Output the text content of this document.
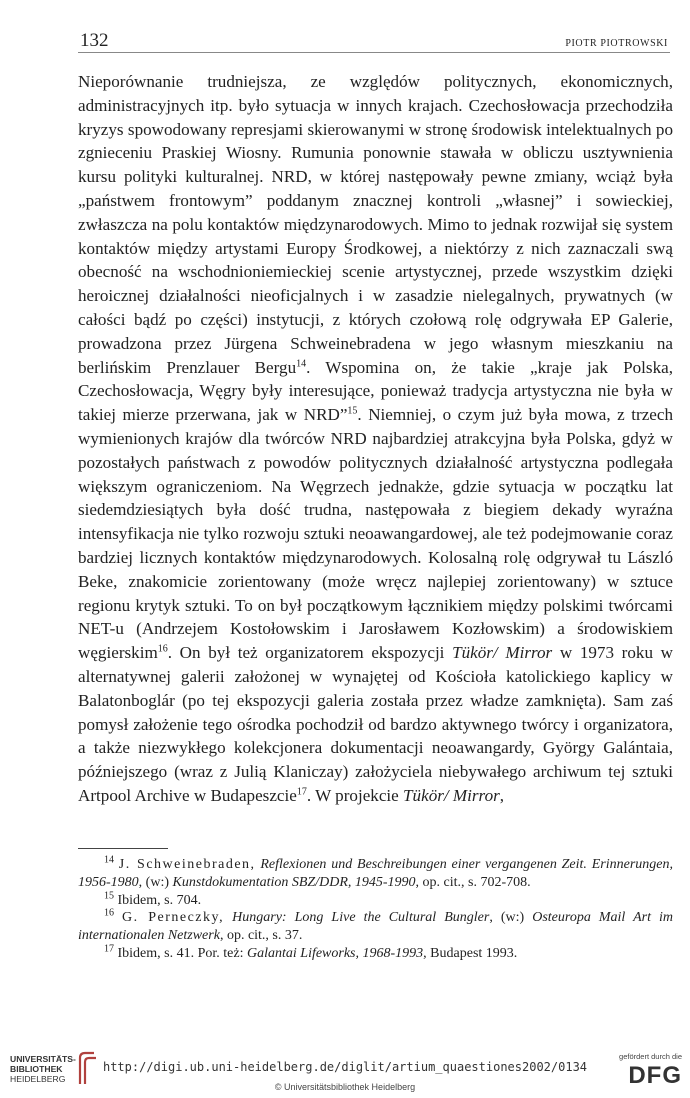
132	PIOTR PIOTROWSKI

Nieporównanie trudniejsza, ze względów politycznych, ekonomicznych, administracyjnych itp. było sytuacja w innych krajach. Czechosłowacja przechodziła kryzys spowodowany represjami skierowanymi w stronę środowisk intelektualnych po zgnieceniu Praskiej Wiosny. Rumunia ponownie stawała w obliczu usztywnienia kursu polityki kulturalnej. NRD, w której następowały pewne zmiany, wciąż była „państwem frontowym” poddanym znacznej kontroli „własnej” i sowieckiej, zwłaszcza na polu kontaktów międzynarodowych. Mimo to jednak rozwijał się system kontaktów między artystami Europy Środkowej, a niektórzy z nich zaznaczali swą obecność na wschodnioniemieckiej scenie artystycznej, przede wszystkim dzięki heroicznej działalności nieoficjalnych i w zasadzie nielegalnych, prywatnych (w całości bądź po części) instytucji, z których czołową rolę odgrywała EP Galerie, prowadzona przez Jürgena Schweinebradena w jego własnym mieszkaniu na berlińskim Prenzlauer Bergu$^{14}$. Wspomina on, że takie „kraje jak Polska, Czechosłowacja, Węgry były interesujące, ponieważ tradycja artystyczna nie była w takiej mierze przerwana, jak w NRD”$^{15}$. Niemniej, o czym już była mowa, z trzech wymienionych krajów dla twórców NRD najbardziej atrakcyjna była Polska, gdyż w pozostałych państwach z powodów politycznych działalność artystyczna podlegała większym ograniczeniom. Na Węgrzech jednakże, gdzie sytuacja w początku lat siedemdziesiątych była dość trudna, następowała z biegiem dekady wyraźna intensyfikacja nie tylko rozwoju sztuki neoawangardowej, ale też podejmowanie coraz bardziej licznych kontaktów międzynarodowych. Kolosalną rolę odgrywał tu László Beke, znakomicie zorientowany (może wręcz najlepiej zorientowany) w sztuce regionu krytyk sztuki. To on był początkowym łącznikiem między polskimi twórcami NET-u (Andrzejem Kostołowskim i Jarosławem Kozłowskim) a środowiskiem węgierskim$^{16}$. On był też organizatorem ekspozycji Tükör/ Mirror w 1973 roku w alternatywnej galerii założonej w wynajętej od Kościoła katolickiego kaplicy w Balatonboglár (po tej ekspozycji galeria została przez władze zamknięta). Sam zaś pomysł założenie tego ośrodka pochodził od bardzo aktywnego twórcy i organizatora, a także niezwykłego kolekcjonera dokumentacji neoawangardy, György Galántaia, późniejszego (wraz z Julią Klaniczay) założyciela niebywałego archiwum tej sztuki Artpool Archive w Budapeszcie$^{17}$. W projekcie Tükör/ Mirror,

$^{14}$ J. Schweinebraden, Reflexionen und Beschreibungen einer vergangenen Zeit. Erinnerungen, 1956-1980, (w:) Kunstdokumentation SBZ/DDR, 1945-1990, op. cit., s. 702-708.

$^{15}$ Ibidem, s. 704.

$^{16}$ G. Perneczky, Hungary: Long Live the Cultural Bungler, (w:) Osteuropa Mail Art im internationalen Netzwerk, op. cit., s. 37.

$^{17}$ Ibidem, s. 41. Por. też: Galantai Lifeworks, 1968-1993, Budapest 1993.

UNIVERSITÄTS-
BIBLIOTHEK
HEIDELBERG
http://digi.ub.uni-heidelberg.de/diglit/artium_quaestiones2002/0134
© Universitätsbibliothek Heidelberg
gefördert durch die
DFG
